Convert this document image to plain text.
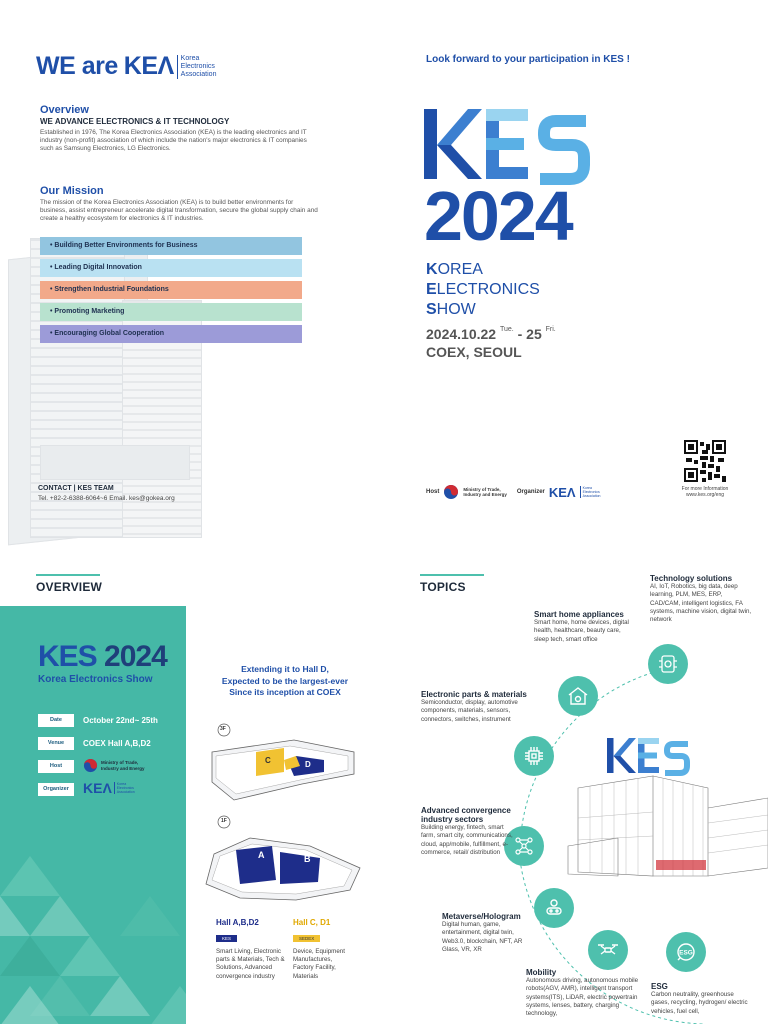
WE are KEΛ	Korea
Electronics
Association
Overview
WE ADVANCE ELECTRONICS & IT TECHNOLOGY
Established in 1976, The Korea Electronics Association (KEA) is the leading electronics and IT industry (non-profit) association of which include the nation's major electronics & IT companies such as Samsung Electronics, LG Electronics.
Our Mission
The mission of the Korea Electronics Association (KEA) is to build better environments for business, assist entrepreneur accelerate digital transformation, secure the global supply chain and create a healthy ecosystem for electronics & IT industries.
• Building Better Environments for Business
• Leading Digital Innovation
• Strengthen Industrial Foundations
• Promoting Marketing
• Encouraging Global Cooperation
CONTACT | KES TEAM
Tel. +82-2-6388-6064~6 Email. kes@gokea.org
Look forward to your participation in KES !
2024
KOREA
ELECTRONICS
SHOW
2024.10.22 $^{Tue.}$ - 25 $^{Fri.}$
COEX, SEOUL
Host	Ministry of Trade,
Industry and Energy Organizer KEΛ	Korea
Electronics
Association
For more Information
www.kes.org/eng
OVERVIEW
KES 2024
Korea Electronics Show
Date	October 22nd~ 25th
Venue	COEX Hall A,B,D2
Host
Ministry of Trade,
Industry and Energy
Organizer	KEΛ	Korea
Electronics
Association
Extending it to Hall D,
Expected to be the largest-ever
Since its inception at COEX
3F
C	D
1F
A	B
Hall A,B,D2
KES
Smart Living, Electronic parts & Materials, Tech & Solutions, Advanced convergence industry
Hall C, D1
SEDEX
Device, Equipment Manufactures, Factory Facility, Materials
TOPICS
ESG
Technology solutions
AI, IoT, Robotics, big data, deep learning, PLM, MES, ERP, CAD/CAM, intelligent logistics, FA systems, machine vision, digital twin, network
Smart home appliances
Smart home, home devices, digital health, healthcare, beauty care, sleep tech, smart office
Electronic parts & materials
Semiconductor, display, automotive components, materials, sensors, connectors, switches, instrument
Advanced convergence industry sectors
Building energy, fintech, smart farm, smart city, communications, cloud, app/mobile, fulfillment, e-commerce, retail/ distribution
Metaverse/Hologram
Digital human, game, entertainment, digital twin, Web3.0, blockchain, NFT, AR Glass, VR, XR
Mobility
Autonomous driving, autonomous mobile robots(AGV, AMR), intelligent transport systems(ITS), LiDAR, electric powertrain systems, lenses, battery, charging technology,
ESG
Carbon neutrality, greenhouse gases, recycling, hydrogen/ electric vehicles, fuel cell,
